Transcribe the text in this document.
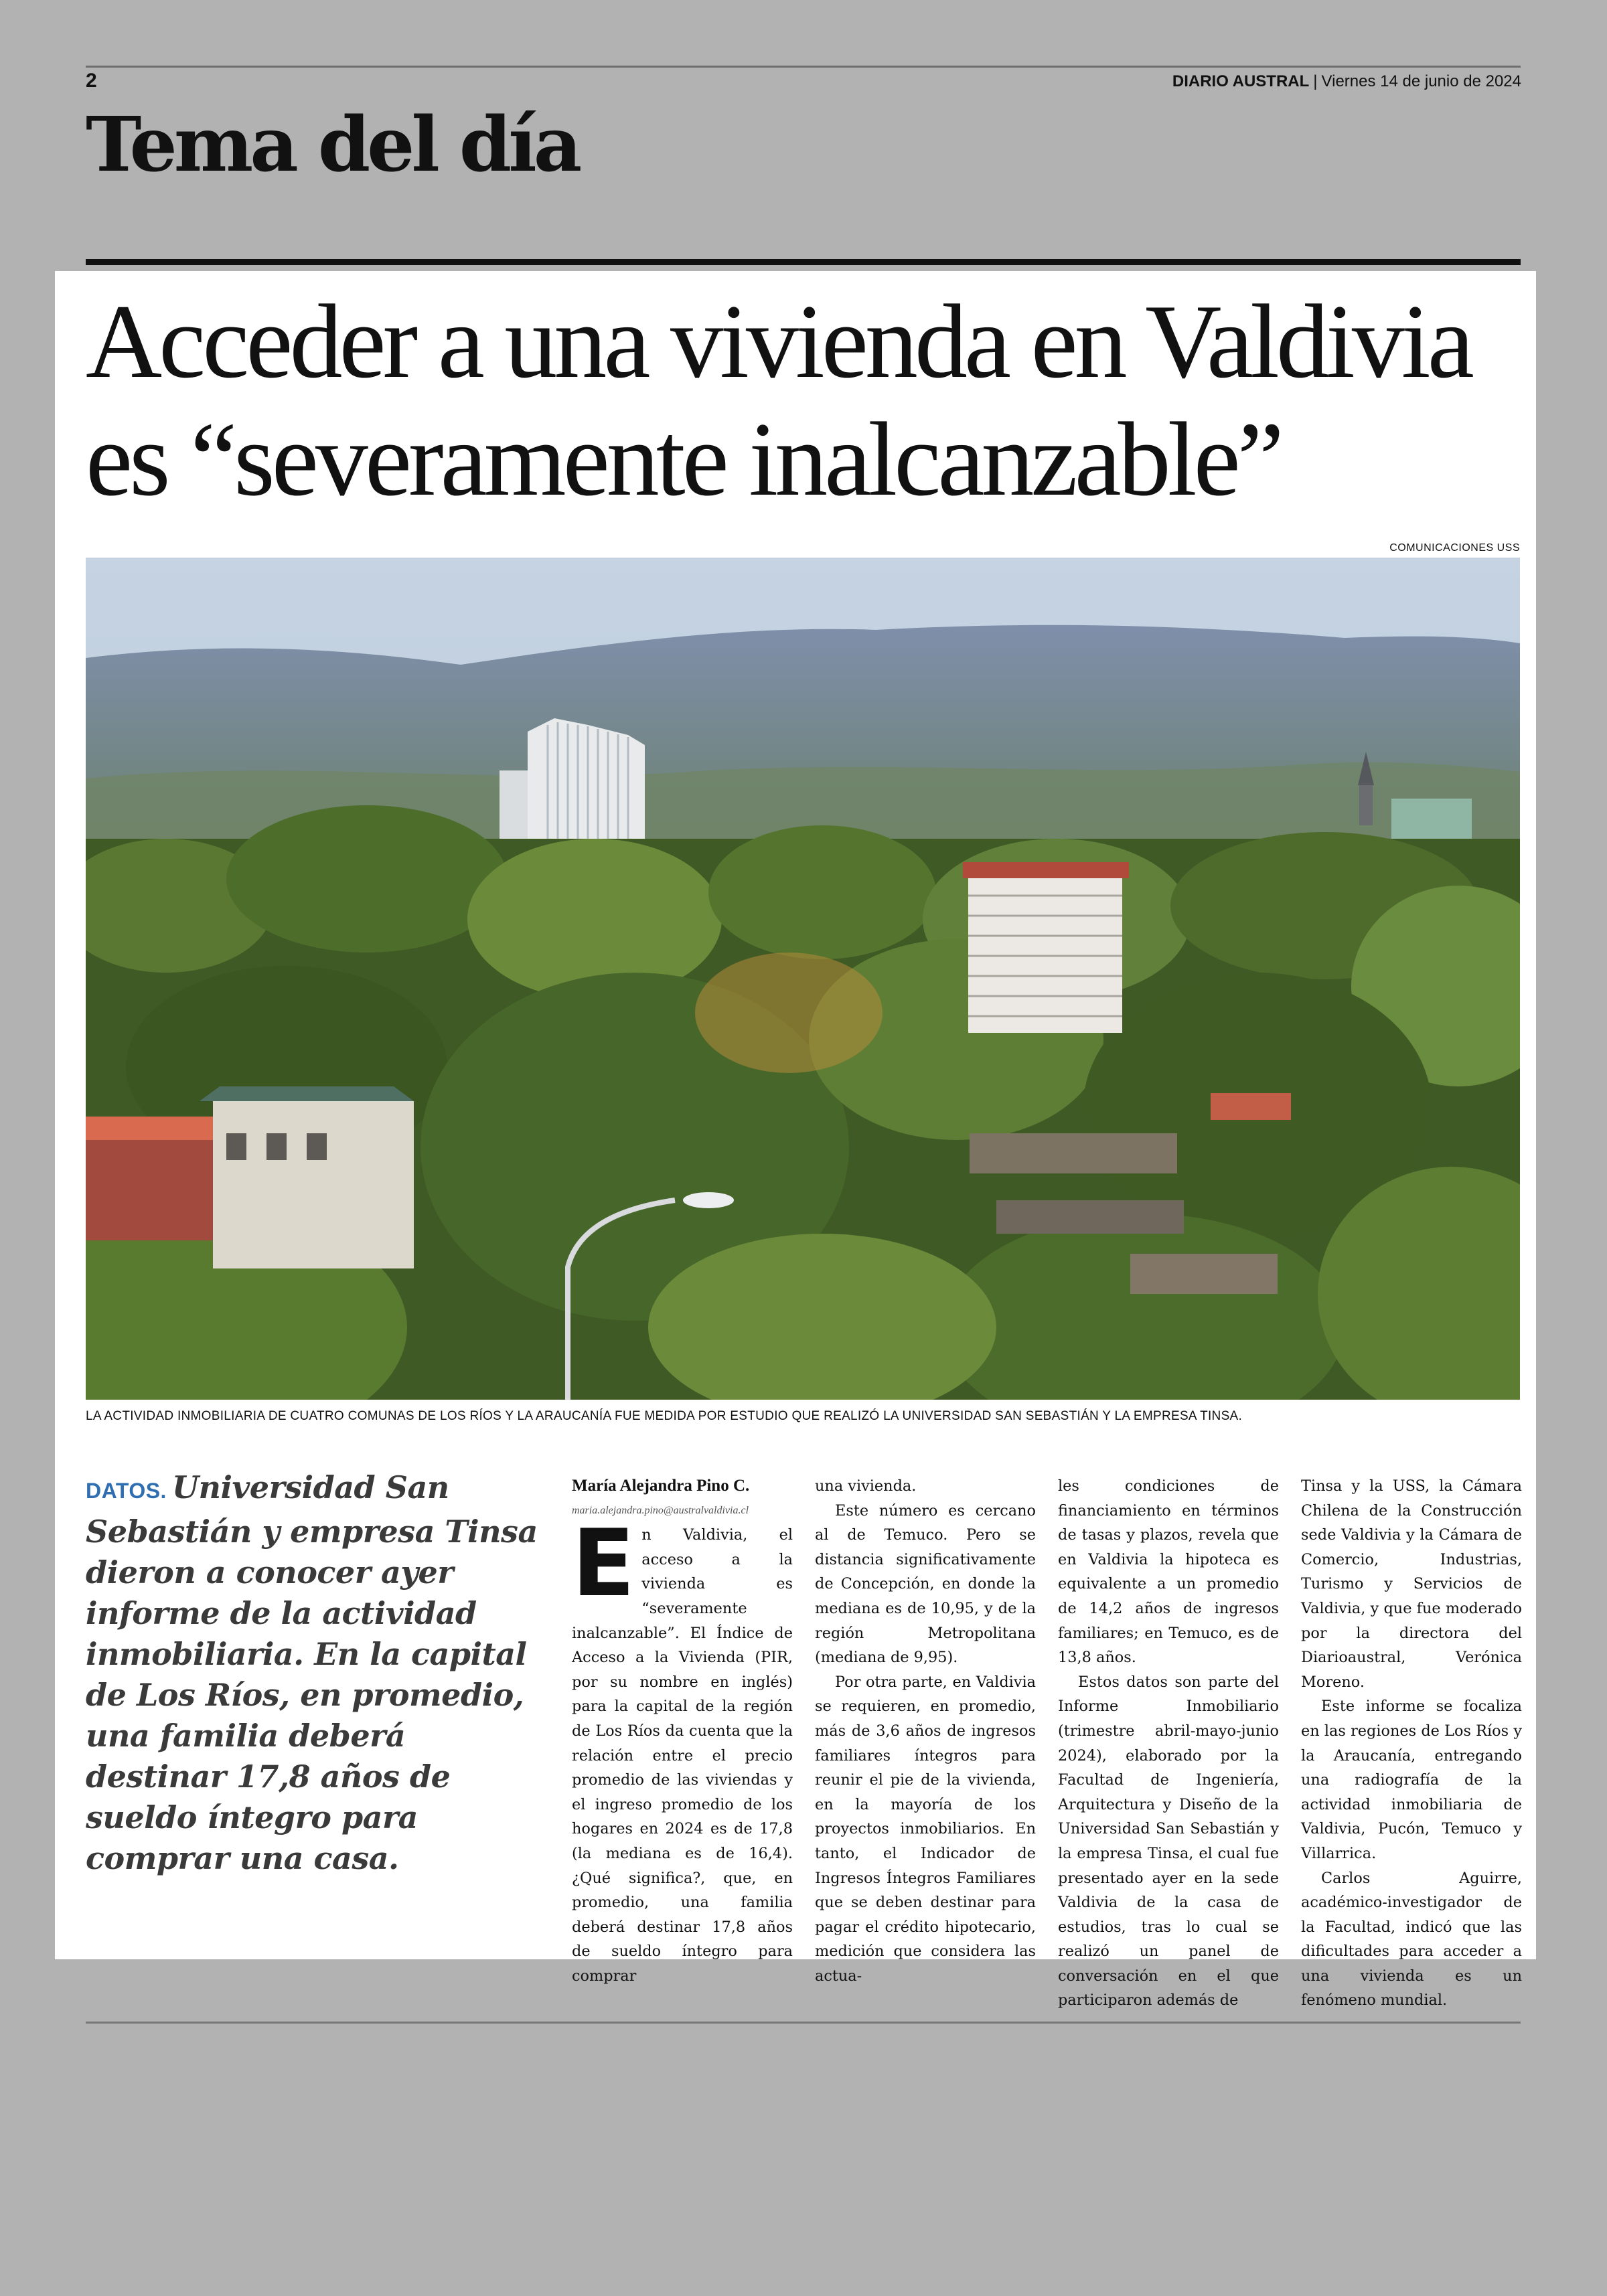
2	DIARIO AUSTRAL | Viernes 14 de junio de 2024
Tema del día
Acceder a una vivienda en Valdivia
es “severamente inalcanzable”
COMUNICACIONES USS
LA ACTIVIDAD INMOBILIARIA DE CUATRO COMUNAS DE LOS RÍOS Y LA ARAUCANÍA FUE MEDIDA POR ESTUDIO QUE REALIZÓ LA UNIVERSIDAD SAN SEBASTIÁN Y LA EMPRESA TINSA.
DATOS. Universidad San Sebastián y empresa Tinsa dieron a conocer ayer informe de la actividad inmobiliaria. En la capital de Los Ríos, en promedio, una familia deberá destinar 17,8 años de sueldo íntegro para comprar una casa.

María Alejandra Pino C.

maria.alejandra.pino@australvaldivia.cl

En Valdivia, el acceso a la vivienda es “severamente inalcanzable”. El Índice de Acceso a la Vivienda (PIR, por su nombre en inglés) para la capital de la región de Los Ríos da cuenta que la relación entre el precio promedio de las viviendas y el ingreso promedio de los hogares en 2024 es de 17,8 (la mediana es de 16,4). ¿Qué significa?, que, en promedio, una familia deberá destinar 17,8 años de sueldo íntegro para comprar

una vivienda.

Este número es cercano al de Temuco. Pero se distancia significativamente de Concepción, en donde la mediana es de 10,95, y de la región Metropolitana (mediana de 9,95).

Por otra parte, en Valdivia se requieren, en promedio, más de 3,6 años de ingresos familiares íntegros para reunir el pie de la vivienda, en la mayoría de los proyectos inmobiliarios. En tanto, el Indicador de Ingresos Íntegros Familiares que se deben destinar para pagar el crédito hipotecario, medición que considera las actua-

les condiciones de financiamiento en términos de tasas y plazos, revela que en Valdivia la hipoteca es equivalente a un promedio de 14,2 años de ingresos familiares; en Temuco, es de 13,8 años.

Estos datos son parte del Informe Inmobiliario (trimestre abril-mayo-junio 2024), elaborado por la Facultad de Ingeniería, Arquitectura y Diseño de la Universidad San Sebastián y la empresa Tinsa, el cual fue presentado ayer en la sede Valdivia de la casa de estudios, tras lo cual se realizó un panel de conversación en el que participaron además de

Tinsa y la USS, la Cámara Chilena de la Construcción sede Valdivia y la Cámara de Comercio, Industrias, Turismo y Servicios de Valdivia, y que fue moderado por la directora del Diarioaustral, Verónica Moreno.

Este informe se focaliza en las regiones de Los Ríos y la Araucanía, entregando una radiografía de la actividad inmobiliaria de Valdivia, Pucón, Temuco y Villarrica.

Carlos Aguirre, académico-investigador de la Facultad, indicó que las dificultades para acceder a una vivienda es un fenómeno mundial.
